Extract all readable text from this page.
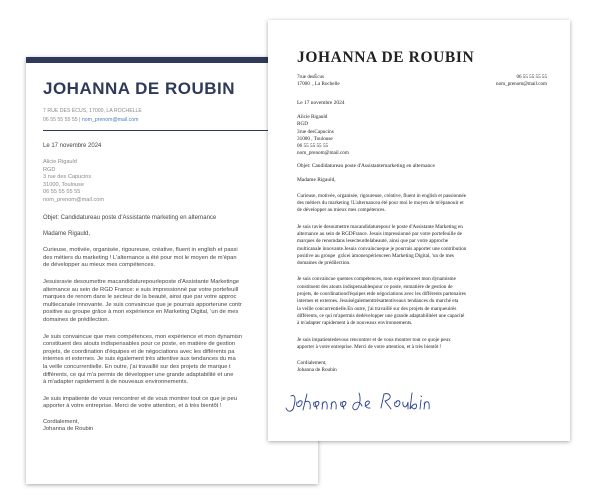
JOHANNA DE ROUBIN
7 RUE DES ÉCUS, 17000, LA ROCHELLE
06 55 55 55 55 | nom_prenom@mail.com
Le 17 novembre 2024
Alicie Rigauld
RGD
3 rue des Capucins
31000, Toulouse
06 55 55 55 55
nom_prenom@mail.com
Objet: Candidatureau poste d'Assistante marketing en alternance
Madame Rigauld,
Curieuse, motivée, organisée, rigoureuse, créative, fluent in english et passi
des métiers du marketing ! L'alternance a été pour moi le moyen de m'épan
de développer au mieux mes compétences.
Jesuisravie desoumettre macandidaturepourleposte d'Assistante Marketinge
alternance au sein de RGD France: e suis impressionné par votre portefeuill
marques de renom dans le secteur de la beauté, ainsi que par votre approc
multiecanale innovante. Je suis convaincue que je pourrais apporterune contr
positive au groupe grâce à mon expérience en Marketing Digital, 'un de mes
domaines de prédilection.
Je suis convaincue que mes compétences, mon expérience et mon dynamisn
constituent des atouts indispensables pour ce poste, en matière de gestion
projets, de coordination d'équipes et de négociations avec les différents pa
internes et externes. Je suis également très attentive aux tendances du ma
la veille concurrentielle. En outre, j'ai travaillé sur des projets de marque t
différents, ce qui m'a permis de développer une grande adaptabilité et une
à m'adapter rapidement à de nouveaux environnements.
Je suis impatiente de vous rencontrer et de vous montrer tout ce que je peu
apporter à votre entreprise. Merci de votre attention, et à très bientôt !
Cordialement,
Johanna de Roubin
JOHANNA DE ROUBIN
7rue desÉcus
17000  , La Rochelle
06 55 55 55 55
nom_prenom@mail.com
Le 17 novembre 2024
Alicie Rigauld
RGD
3rue desCapucins
31000 , Toulouse
06 55 55 55 55
nom_prenom@mail.com
Objet: Candidatureau poste d'Assistantemarketing en alternance
Madame Rigauld,
Curieuse, motivée, organisée, rigoureuse, créative, fluent in english et passionnée
des métiers du marketing !L'alternancea été pour moi le moyen de m'épanouir et
de développer au mieux mes compétences.
Je suis ravie desoumettre macandidaturepour le poste d'Assistante Marketing en
alternance au sein de RGDFrance. Jesuis impressionné par votre portefeuille de
marques de renomdans lesecteurdelabeauté, ainsi que par votre approche
multicanale innovante.Jesuis convaincueque je pourrais apporter une contribution
positive au groupe  grâcei àmonexpérienceen Marketing Digital, 'un de mes
domaines de prédilection.
Je suis convaincue quemes compétences, mon expérienceet mon dynamisme
constituent des atouts indispensablespour ce poste, enmatière de gestion de
projets, de coordinationd'équipes etde négociations avec les différents partenaires
internes et externes. Jesuiségalementtrèsattentiveaux tendances du marché eta
la veille concurrentielle.En outre, j'ai travaillé sur des projets de marqueuirès
différents, ce qui m'apermis dedévelopper une grande adaptabilitéet une capacité
à m'adapter rapidement à de nouveaux environnements.
Je suis impatientedevous rencontrer et de vous montrer tout ce quoje peux
apporter à votre entreprise. Merci de votre attention, et à très bientôt !
Cordialement,
Johanna de Roubin
